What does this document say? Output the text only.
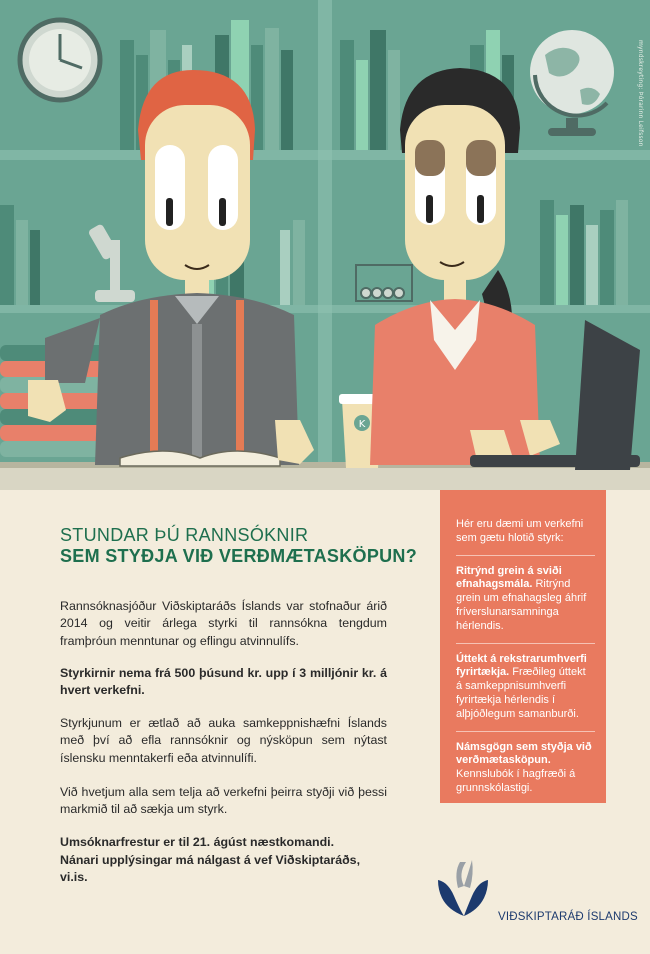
K
myndskreyting: Þórarinn Leifsson
STUNDAR ÞÚ RANNSÓKNIR
SEM STYÐJA VIÐ VERÐMÆTASKÖPUN?
Rannsóknasjóður Viðskiptaráðs Íslands var stofnaður árið 2014 og veitir árlega styrki til rannsókna tengdum framþróun menntunar og eflingu atvinnulífs.
Styrkirnir nema frá 500 þúsund kr. upp í 3 milljónir kr. á hvert verkefni.
Styrkjunum er ætlað að auka samkeppnishæfni Íslands með því að efla rannsóknir og nýsköpun sem nýtast íslensku menntakerfi eða atvinnulífi.
Við hvetjum alla sem telja að verkefni þeirra styðji við þessi markmið til að sækja um styrk.
Umsóknarfrestur er til 21. ágúst næstkomandi.
Nánari upplýsingar má nálgast á vef Viðskiptaráðs, vi.is.
Hér eru dæmi um verkefni sem gætu hlotið styrk:
Ritrýnd grein á sviði efnahagsmála. Ritrýnd grein um efnahagsleg áhrif fríverslunarsamninga hérlendis.
Úttekt á rekstrarumhverfi fyrirtækja. Fræðileg úttekt á samkeppnisumhverfi fyrirtækja hérlendis í alþjóðlegum samanburði.
Námsgögn sem styðja við verðmætasköpun. Kennslubók í hagfræði á grunnskólastigi.
VIÐSKIPTARÁÐ ÍSLANDS
